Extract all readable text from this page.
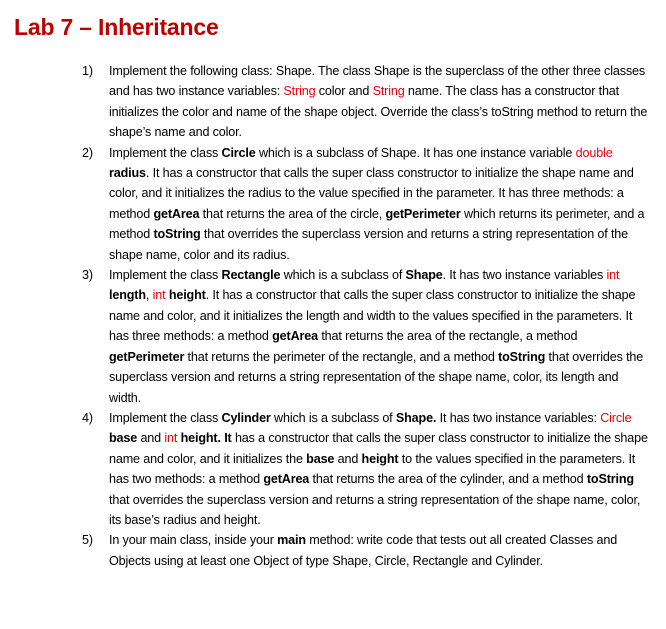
Lab 7 – Inheritance
1) Implement the following class: Shape. The class Shape is the superclass of the other three classes and has two instance variables: String color and String name. The class has a constructor that initializes the color and name of the shape object. Override the class’s toString method to return the shape’s name and color.
2) Implement the class Circle which is a subclass of Shape. It has one instance variable double radius. It has a constructor that calls the super class constructor to initialize the shape name and color, and it initializes the radius to the value specified in the parameter. It has three methods: a method getArea that returns the area of the circle, getPerimeter which returns its perimeter, and a method toString that overrides the superclass version and returns a string representation of the shape name, color and its radius.
3) Implement the class Rectangle which is a subclass of Shape. It has two instance variables int length, int height. It has a constructor that calls the super class constructor to initialize the shape name and color, and it initializes the length and width to the values specified in the parameters. It has three methods: a method getArea that returns the area of the rectangle, a method getPerimeter that returns the perimeter of the rectangle, and a method toString that overrides the superclass version and returns a string representation of the shape name, color, its length and width.
4) Implement the class Cylinder which is a subclass of Shape. It has two instance variables: Circle base and int height. It has a constructor that calls the super class constructor to initialize the shape name and color, and it initializes the base and height to the values specified in the parameters. It has two methods: a method getArea that returns the area of the cylinder, and a method toString that overrides the superclass version and returns a string representation of the shape name, color, its base’s radius and height.
5) In your main class, inside your main method: write code that tests out all created Classes and Objects using at least one Object of type Shape, Circle, Rectangle and Cylinder.
